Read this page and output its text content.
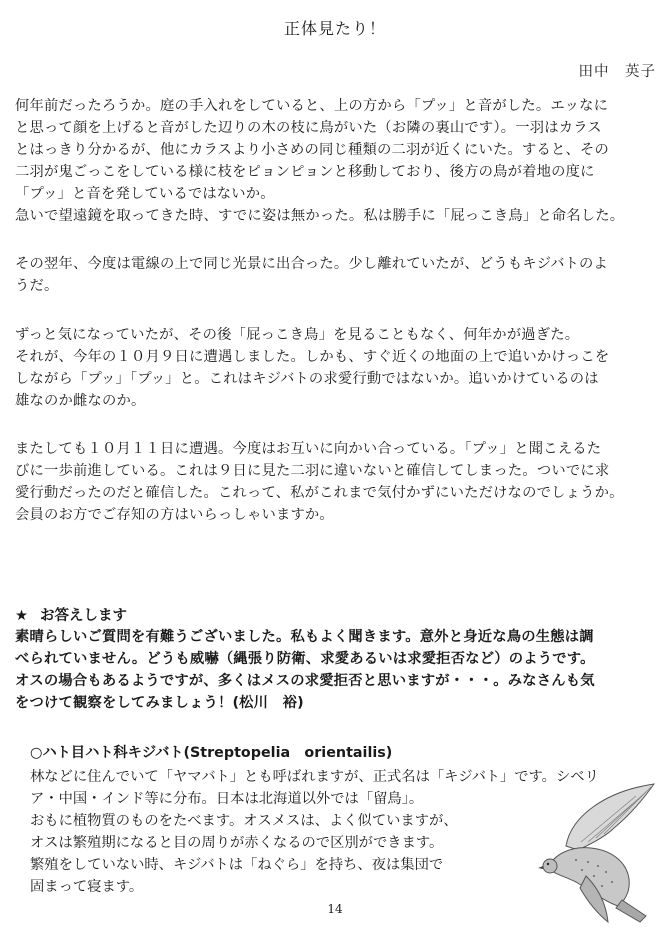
正体見たり！
田中　英子
何年前だったろうか。庭の手入れをしていると、上の方から「プッ」と音がした。エッなに
と思って顔を上げると音がした辺りの木の枝に鳥がいた（お隣の裏山です）。一羽はカラス
とはっきり分かるが、他にカラスより小さめの同じ種類の二羽が近くにいた。すると、その
二羽が鬼ごっこをしている様に枝をピョンピョンと移動しており、後方の鳥が着地の度に
「プッ」と音を発しているではないか。
急いで望遠鏡を取ってきた時、すでに姿は無かった。私は勝手に「屁っこき鳥」と命名した。
その翌年、今度は電線の上で同じ光景に出合った。少し離れていたが、どうもキジバトのよ
うだ。
ずっと気になっていたが、その後「屁っこき鳥」を見ることもなく、何年かが過ぎた。
それが、今年の１０月９日に遭遇しました。しかも、すぐ近くの地面の上で追いかけっこを
しながら「プッ」「プッ」と。これはキジバトの求愛行動ではないか。追いかけているのは
雄なのか雌なのか。
またしても１０月１１日に遭遇。今度はお互いに向かい合っている。「プッ」と聞こえるた
びに一歩前進している。これは９日に見た二羽に違いないと確信してしまった。ついでに求
愛行動だったのだと確信した。これって、私がこれまで気付かずにいただけなのでしょうか。
会員のお方でご存知の方はいらっしゃいますか。
★ お答えします
素晴らしいご質問を有難うございました。私もよく聞きます。意外と身近な鳥の生態は調
べられていません。どうも威嚇（縄張り防衛、求愛あるいは求愛拒否など）のようです。
オスの場合もあるようですが、多くはメスの求愛拒否と思いますが・・・。みなさんも気
をつけて観察をしてみましょう！(松川　裕)
○ハト目ハト科キジバト(Streptopelia　orientailis)
林などに住んでいて「ヤマバト」とも呼ばれますが、正式名は「キジバト」です。シベリ
ア・中国・インド等に分布。日本は北海道以外では「留鳥」。
おもに植物質のものをたべます。オスメスは、よく似ていますが、
オスは繁殖期になると目の周りが赤くなるので区別ができます。
繁殖をしていない時、キジバトは「ねぐら」を持ち、夜は集団で
固まって寝ます。
14
